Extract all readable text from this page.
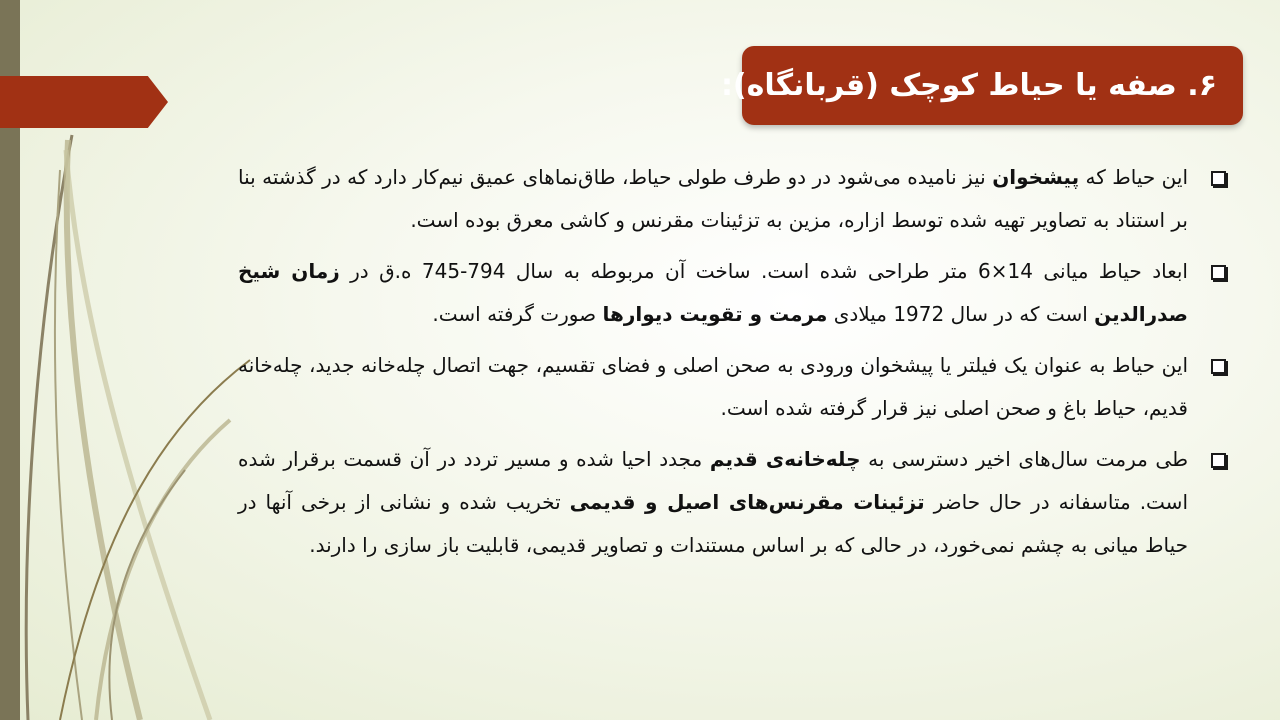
۶. صفه یا حیاط کوچک (قربانگاه):
این حیاط که پیشخوان نیز نامیده می‌شود در دو طرف طولی حیاط، طاق‌نماهای عمیق نیم‌کار دارد که در گذشته بنا بر استناد به تصاویر تهیه شده توسط ازاره، مزین به تزئینات مقرنس و کاشی معرق بوده است.
ابعاد حیاط میانی 14×6 متر طراحی شده است. ساخت آن مربوطه به سال 794-745 ه.ق در زمان شیخ صدرالدین است که در سال 1972 میلادی مرمت و تقویت دیوارها صورت گرفته است.
این حیاط به عنوان یک فیلتر یا پیشخوان ورودی به صحن اصلی و فضای تقسیم، جهت اتصال چله‌خانه جدید، چله‌خانه قدیم، حیاط باغ و صحن اصلی نیز قرار گرفته شده است.
طی مرمت سال‌های اخیر دسترسی به چله‌خانه‌ی قدیم مجدد احیا شده و مسیر تردد در آن قسمت برقرار شده است. متاسفانه در حال حاضر تزئینات مقرنس‌های اصیل و قدیمی تخریب شده و نشانی از برخی آنها در حیاط میانی به چشم نمی‌خورد، در حالی که بر اساس مستندات و تصاویر قدیمی، قابلیت باز سازی را دارند.
